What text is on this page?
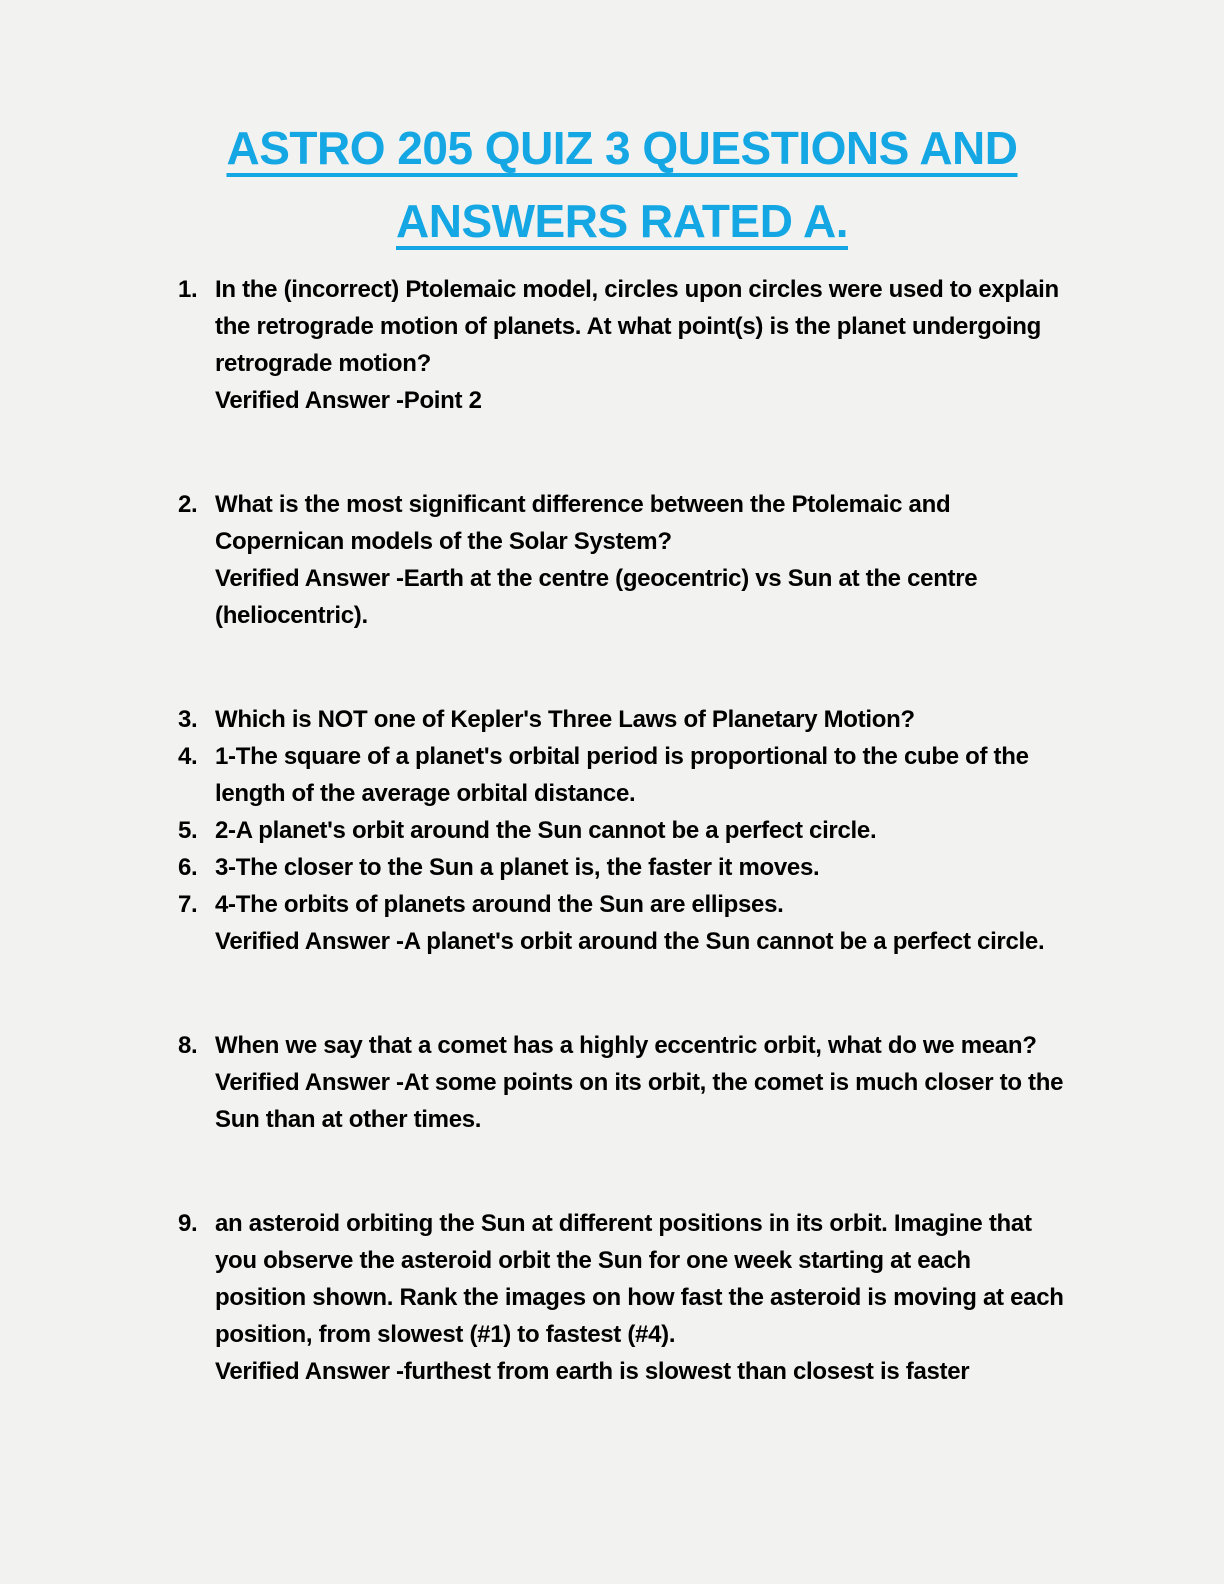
ASTRO 205 QUIZ 3 QUESTIONS AND ANSWERS RATED A.
1. In the (incorrect) Ptolemaic model, circles upon circles were used to explain the retrograde motion of planets. At what point(s) is the planet undergoing retrograde motion?
Verified Answer -Point 2
2. What is the most significant difference between the Ptolemaic and Copernican models of the Solar System?
Verified Answer -Earth at the centre (geocentric) vs Sun at the centre (heliocentric).
3. Which is NOT one of Kepler's Three Laws of Planetary Motion?
4. 1-The square of a planet's orbital period is proportional to the cube of the length of the average orbital distance.
5. 2-A planet's orbit around the Sun cannot be a perfect circle.
6. 3-The closer to the Sun a planet is, the faster it moves.
7. 4-The orbits of planets around the Sun are ellipses.
Verified Answer -A planet's orbit around the Sun cannot be a perfect circle.
8. When we say that a comet has a highly eccentric orbit, what do we mean?
Verified Answer -At some points on its orbit, the comet is much closer to the Sun than at other times.
9. an asteroid orbiting the Sun at different positions in its orbit. Imagine that you observe the asteroid orbit the Sun for one week starting at each position shown. Rank the images on how fast the asteroid is moving at each position, from slowest (#1) to fastest (#4).
Verified Answer -furthest from earth is slowest than closest is faster
